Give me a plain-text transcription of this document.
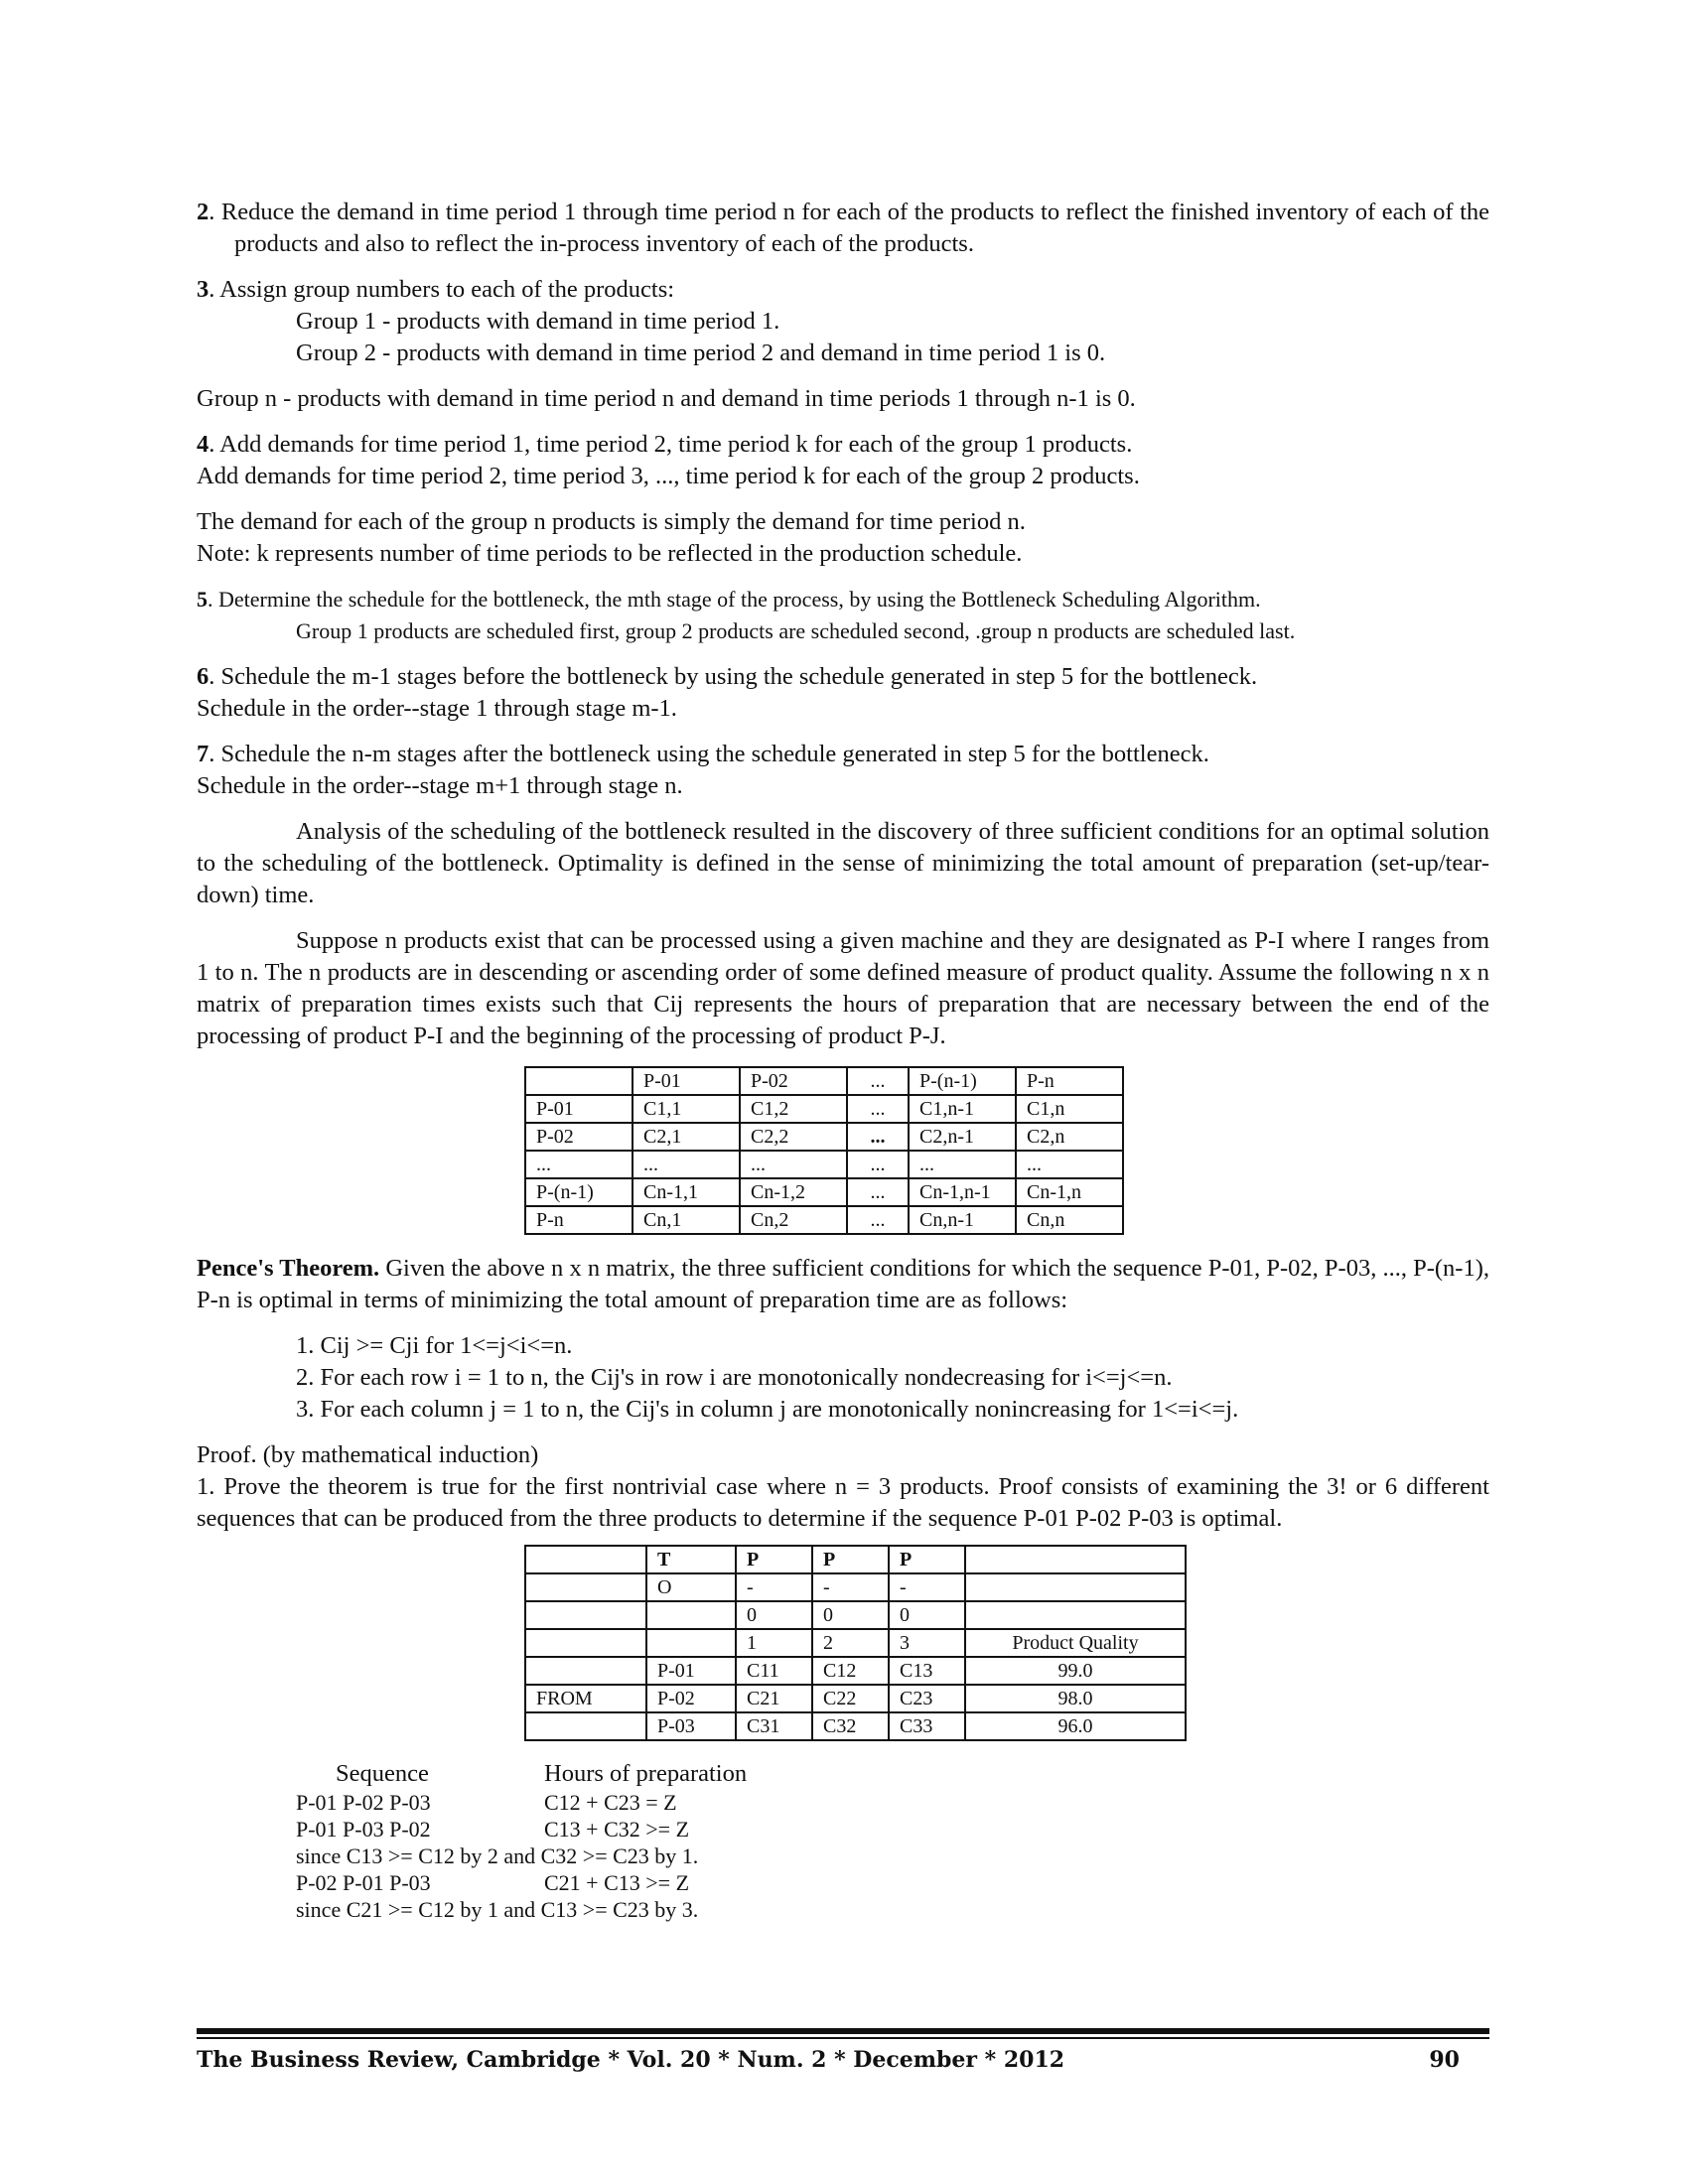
2. Reduce the demand in time period 1 through time period n for each of the products to reflect the finished inventory of each of the products and also to reflect the in-process inventory of each of the products.

3. Assign group numbers to each of the products:

Group 1 - products with demand in time period 1.

Group 2 - products with demand in time period 2 and demand in time period 1 is 0.

Group n - products with demand in time period n and demand in time periods 1 through n-1 is 0.

4. Add demands for time period 1, time period 2, time period k for each of the group 1 products.

Add demands for time period 2, time period 3, ..., time period k for each of the group 2 products.

The demand for each of the group n products is simply the demand for time period n.

Note: k represents number of time periods to be reflected in the production schedule.

5. Determine the schedule for the bottleneck, the mth stage of the process, by using the Bottleneck Scheduling Algorithm.

Group 1 products are scheduled first, group 2 products are scheduled second, .group n products are scheduled last.

6. Schedule the m-1 stages before the bottleneck by using the schedule generated in step 5 for the bottleneck.

Schedule in the order--stage 1 through stage m-1.

7. Schedule the n-m stages after the bottleneck using the schedule generated in step 5 for the bottleneck.

Schedule in the order--stage m+1 through stage n.

Analysis of the scheduling of the bottleneck resulted in the discovery of three sufficient conditions for an optimal solution to the scheduling of the bottleneck. Optimality is defined in the sense of minimizing the total amount of preparation (set-up/tear-down) time.
Suppose n products exist that can be processed using a given machine and they are designated as P-I where I ranges from 1 to n. The n products are in descending or ascending order of some defined measure of product quality. Assume the following n x n matrix of preparation times exists such that Cij represents the hours of preparation that are necessary between the end of the processing of product P-I and the beginning of the processing of product P-J.
	P-01	P-02	...	P-(n-1)	P-n
P-01	C1,1	C1,2	...	C1,n-1	C1,n
P-02	C2,1	C2,2	...	C2,n-1	C2,n
...	...	...	...	...	...
P-(n-1)	Cn-1,1	Cn-1,2	...	Cn-1,n-1	Cn-1,n
P-n	Cn,1	Cn,2	...	Cn,n-1	Cn,n
Pence's Theorem. Given the above n x n matrix, the three sufficient conditions for which the sequence P-01, P-02, P-03, ..., P-(n-1), P-n is optimal in terms of minimizing the total amount of preparation time are as follows:

1. Cij >= Cji for 1<=j<i<=n.

2. For each row i = 1 to n, the Cij's in row i are monotonically nondecreasing for i<=j<=n.

3. For each column j = 1 to n, the Cij's in column j are monotonically nonincreasing for 1<=i<=j.

Proof. (by mathematical induction)

1. Prove the theorem is true for the first nontrivial case where n = 3 products. Proof consists of examining the 3! or 6 different sequences that can be produced from the three products to determine if the sequence P-01 P-02 P-03 is optimal.

	T	P	P	P	
	O	-	-	-	
		0	0	0	
		1	2	3	Product Quality
	P-01	C11	C12	C13	99.0
FROM	P-02	C21	C22	C23	98.0
	P-03	C31	C32	C33	96.0
Sequence	Hours of preparation
P-01 P-02 P-03	C12 + C23 = Z
P-01 P-03 P-02	C13 + C32 >= Z
since C13 >= C12 by 2 and C32 >= C23 by 1.
P-02 P-01 P-03	C21 + C13 >= Z
since C21 >= C12 by 1 and C13 >= C23 by 3.
The Business Review, Cambridge * Vol. 20 * Num. 2 * December * 2012	90
